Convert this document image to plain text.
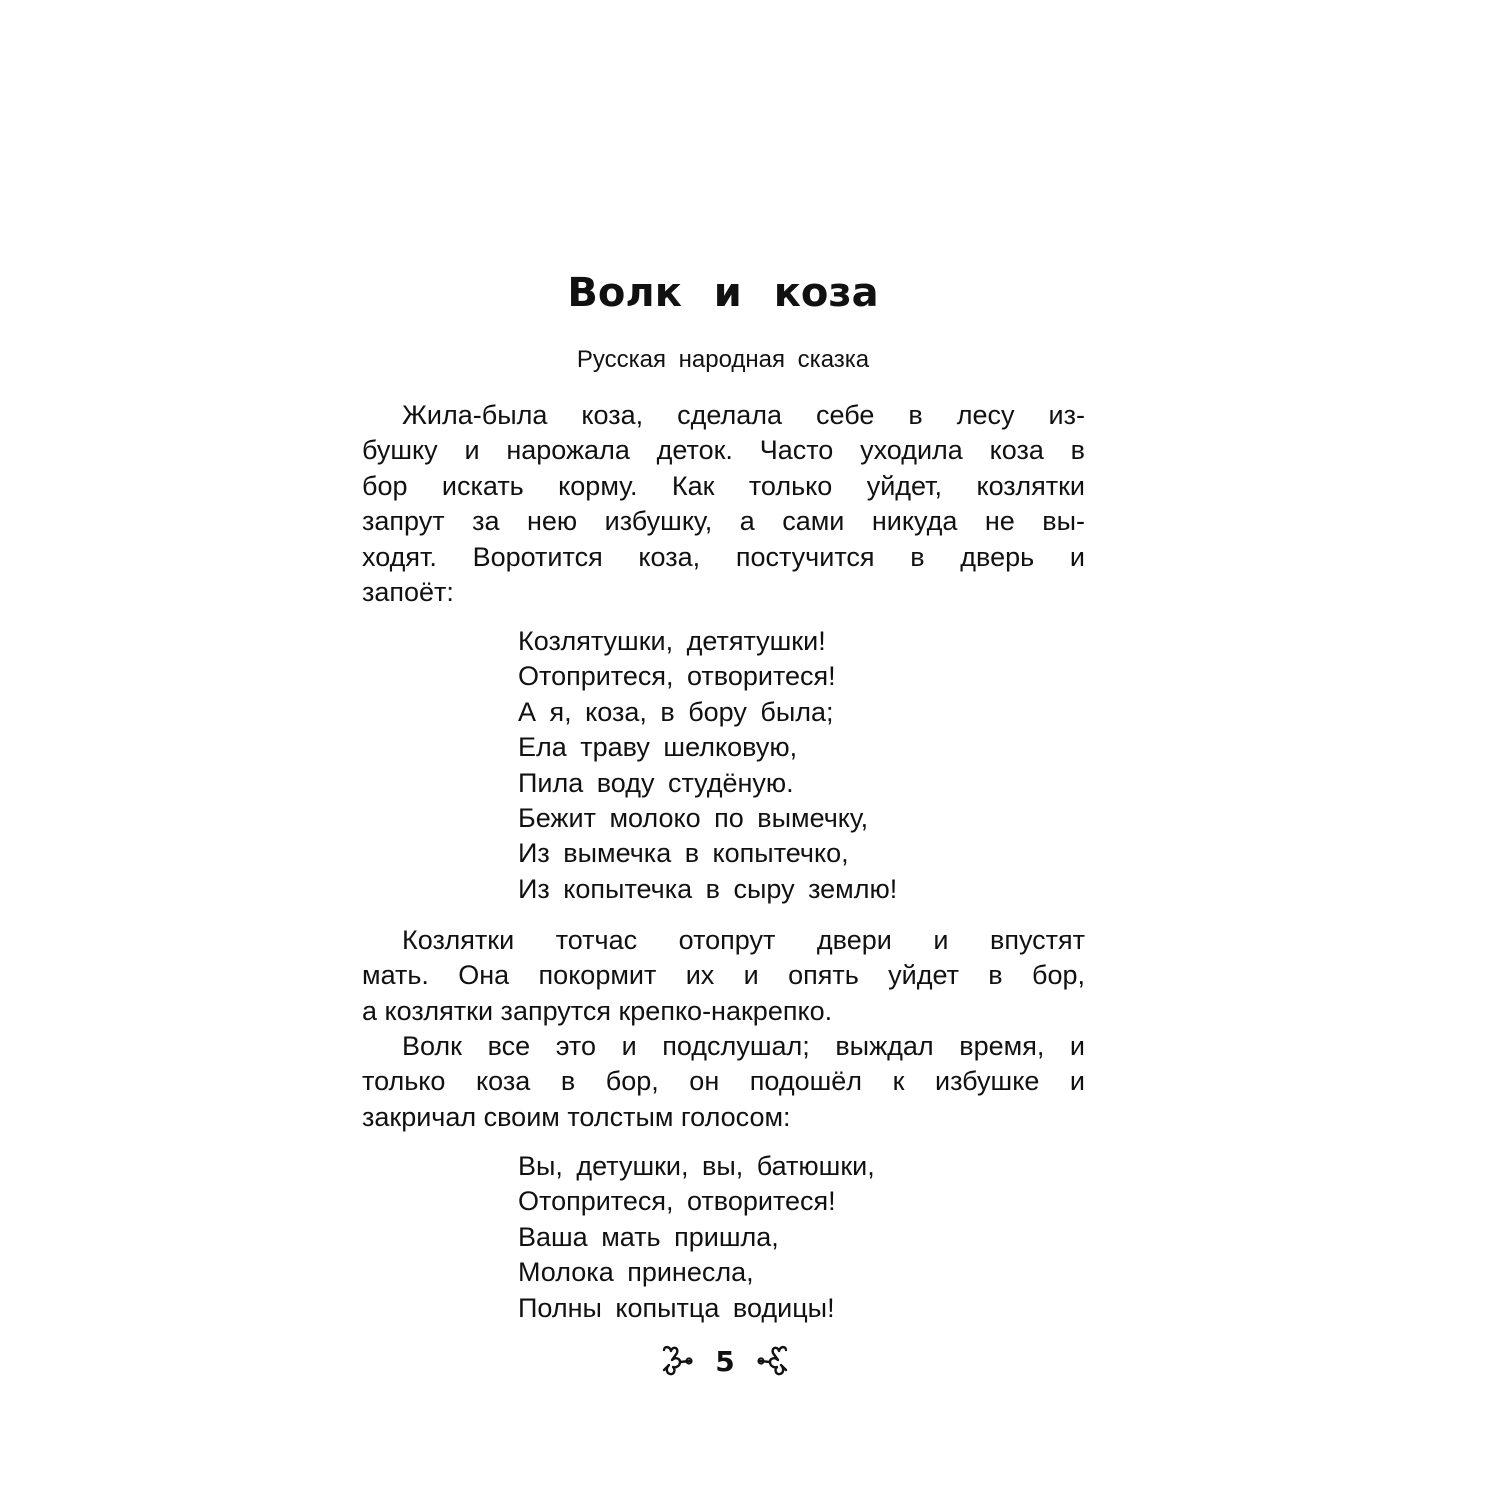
Волк и коза
Русская народная сказка
Жила-была коза, сделала себе в лесу из-
бушку и нарожала деток. Часто уходила коза в
бор искать корму. Как только уйдет, козлятки
запрут за нею избушку, а сами никуда не вы-
ходят. Воротится коза, постучится в дверь и
запоёт:
Козлятушки, детятушки!
Отопритеся, отворитеся!
А я, коза, в бору была;
Ела траву шелковую,
Пила воду студёную.
Бежит молоко по вымечку,
Из вымечка в копытечко,
Из копытечка в сыру землю!
Козлятки тотчас отопрут двери и впустят
мать. Она покормит их и опять уйдет в бор,
а козлятки запрутся крепко-накрепко.
Волк все это и подслушал; выждал время, и
только коза в бор, он подошёл к избушке и
закричал своим толстым голосом:
Вы, детушки, вы, батюшки,
Отопритеся, отворитеся!
Ваша мать пришла,
Молока принесла,
Полны копытца водицы!
5
